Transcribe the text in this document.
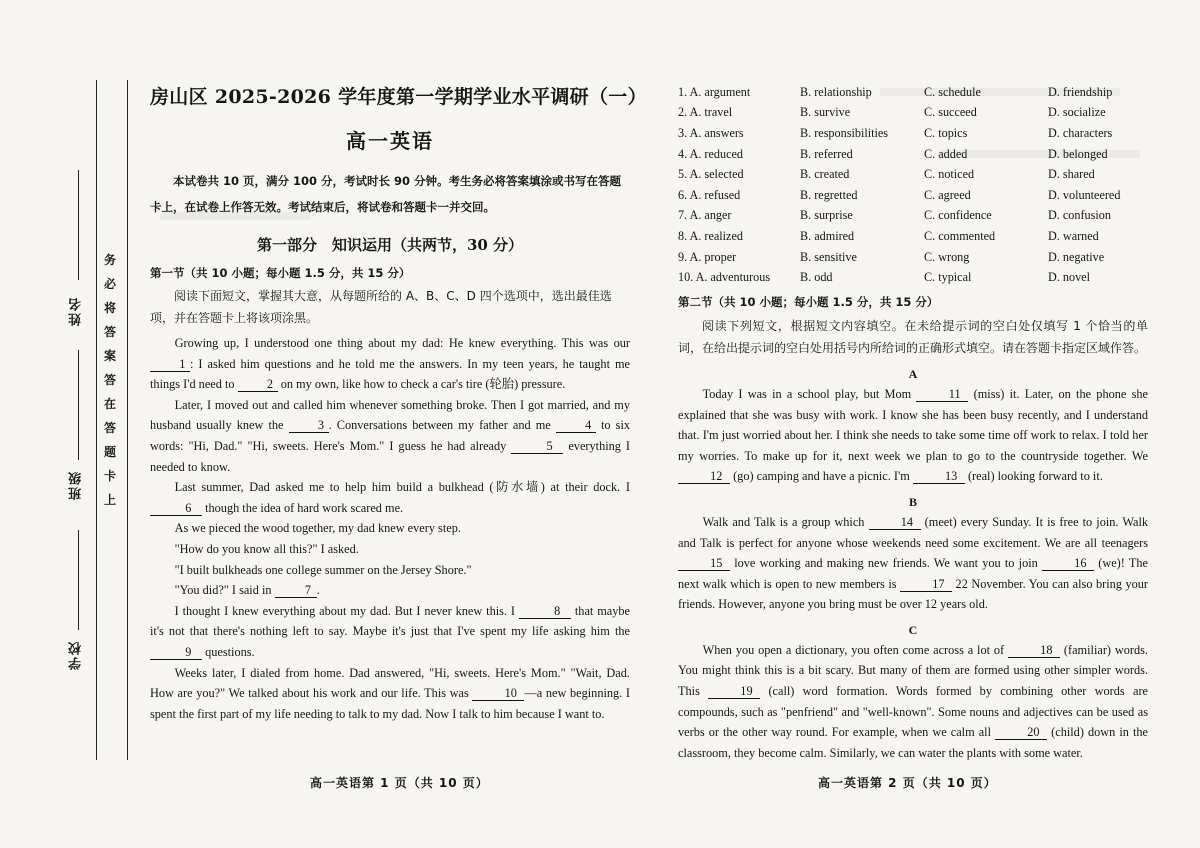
姓名
班级
学校
务
必
将
答
案
答
在
答
题
卡
上
房山区 2025-2026 学年度第一学期学业水平调研（一）
高一英语
本试卷共 10 页，满分 100 分，考试时长 90 分钟。考生务必将答案填涂或书写在答题卡上，在试卷上作答无效。考试结束后，将试卷和答题卡一并交回。
第一部分　知识运用（共两节，30 分）
第一节（共 10 小题；每小题 1.5 分，共 15 分）
阅读下面短文，掌握其大意，从每题所给的 A、B、C、D 四个选项中，选出最佳选项，并在答题卡上将该项涂黑。

Growing up, I understood one thing about my dad: He knew everything. This was our 1 : I asked him questions and he told me the answers. In my teen years, he taught me things I'd need to	2 on my own, like how to check a car's tire (轮胎) pressure.

Later, I moved out and called him whenever something broke. Then I got married, and my husband usually knew the	3 . Conversations between my father and me	4 to six words: "Hi, Dad." "Hi, sweets. Here's Mom." I guess he had already	5 everything I needed to know.

Last summer, Dad asked me to help him build a bulkhead (防水墙) at their dock. I 6 though the idea of hard work scared me.

As we pieced the wood together, my dad knew every step.

"How do you know all this?" I asked.

"I built bulkheads one college summer on the Jersey Shore."

"You did?" I said in	7 .

I thought I knew everything about my dad. But I never knew this. I	8 that maybe it's not that there's nothing left to say. Maybe it's just that I've spent my life asking him the 9 questions.

Weeks later, I dialed from home. Dad answered, "Hi, sweets. Here's Mom." "Wait, Dad. How are you?" We talked about his work and our life. This was	10 —a new beginning. I spent the first part of my life needing to talk to my dad. Now I talk to him because I want to.

高一英语第 1 页（共 10 页）
1. A. argument	B. relationship	C. schedule	D. friendship
2. A. travel	B. survive	C. succeed	D. socialize
3. A. answers	B. responsibilities	C. topics	D. characters
4. A. reduced	B. referred	C. added	D. belonged
5. A. selected	B. created	C. noticed	D. shared
6. A. refused	B. regretted	C. agreed	D. volunteered
7. A. anger	B. surprise	C. confidence	D. confusion
8. A. realized	B. admired	C. commented	D. warned
9. A. proper	B. sensitive	C. wrong	D. negative
10. A. adventurous	B. odd	C. typical	D. novel
第二节（共 10 小题；每小题 1.5 分，共 15 分）
阅读下列短文，根据短文内容填空。在未给提示词的空白处仅填写 1 个恰当的单词，在给出提示词的空白处用括号内所给词的正确形式填空。请在答题卡指定区域作答。
A

Today I was in a school play, but Mom	11 (miss) it. Later, on the phone she explained that she was busy with work. I know she has been busy recently, and I understand that. I'm just worried about her. I think she needs to take some time off work to relax. I told her my worries. To make up for it, next week we plan to go to the countryside together. We 12 (go) camping and have a picnic. I'm	13 (real) looking forward to it.

B

Walk and Talk is a group which	14 (meet) every Sunday. It is free to join. Walk and Talk is perfect for anyone whose weekends need some excitement. We are all teenagers 15 love working and making new friends. We want you to join	16 (we)! The next walk which is open to new members is	17 22 November. You can also bring your friends. However, anyone you bring must be over 12 years old.

C

When you open a dictionary, you often come across a lot of	18 (familiar) words. You might think this is a bit scary. But many of them are formed using other simpler words. This	19 (call) word formation. Words formed by combining other words are compounds, such as "penfriend" and "well-known". Some nouns and adjectives can be used as verbs or the other way round. For example, when we calm all	20 (child) down in the classroom, they become calm. Similarly, we can water the plants with some water.

高一英语第 2 页（共 10 页）
